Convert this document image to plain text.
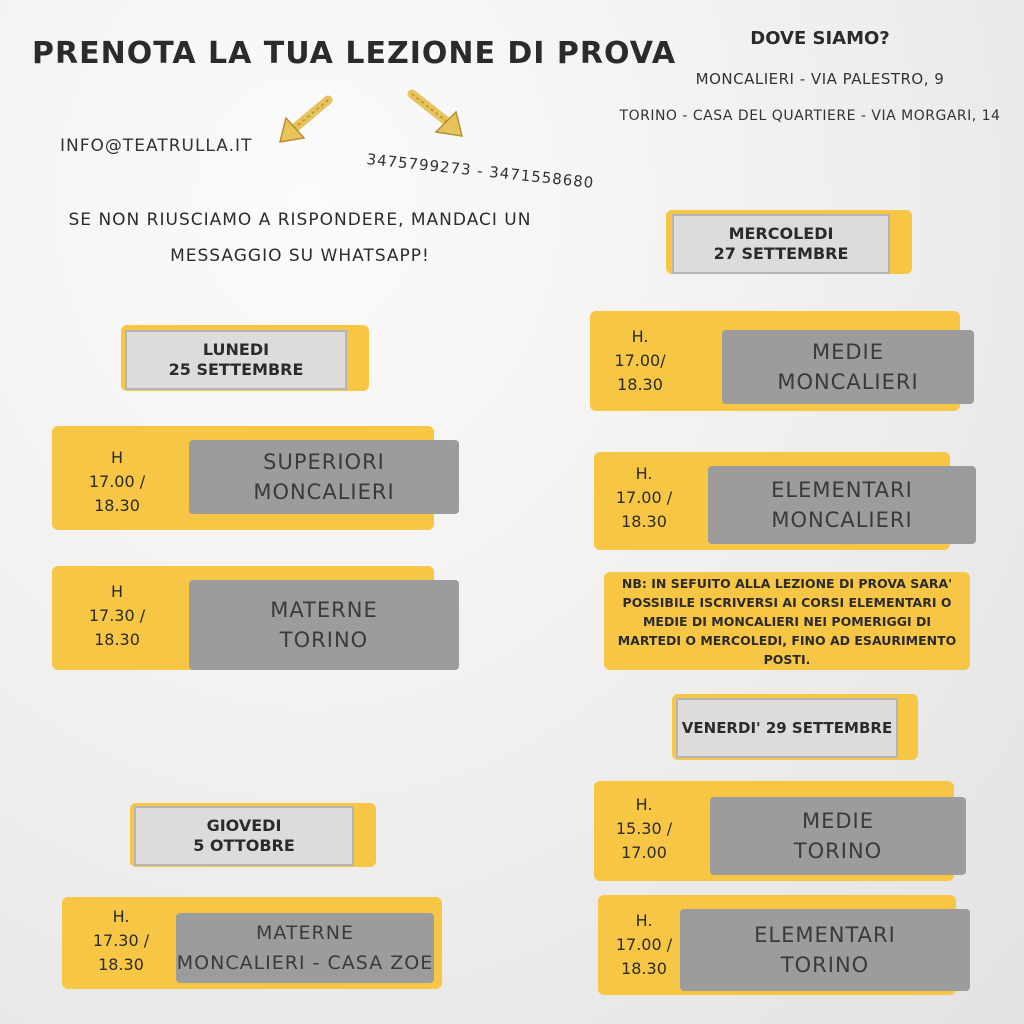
PRENOTA LA TUA LEZIONE DI PROVA
INFO@TEATRULLA.IT
3475799273 - 3471558680
SE NON RIUSCIAMO A RISPONDERE, MANDACI UN
MESSAGGIO SU WHATSAPP!
DOVE SIAMO?
MONCALIERI - VIA PALESTRO, 9
TORINO - CASA DEL QUARTIERE - VIA MORGARI, 14
LUNEDI
25 SETTEMBRE
H
17.00 /
18.30
SUPERIORI
MONCALIERI
H
17.30 /
18.30
MATERNE
TORINO
GIOVEDI
5 OTTOBRE
H.
17.30 /
18.30
MATERNE
MONCALIERI - CASA ZOE
MERCOLEDI
27 SETTEMBRE
H.
17.00/
18.30
MEDIE
MONCALIERI
H.
17.00 /
18.30
ELEMENTARI
MONCALIERI
NB: IN SEFUITO ALLA LEZIONE DI PROVA SARA' POSSIBILE ISCRIVERSI AI CORSI ELEMENTARI O MEDIE DI MONCALIERI NEI POMERIGGI DI MARTEDI O MERCOLEDI, FINO AD ESAURIMENTO POSTI.
VENERDI' 29 SETTEMBRE
H.
15.30 /
17.00
MEDIE
TORINO
H.
17.00 /
18.30
ELEMENTARI
TORINO
